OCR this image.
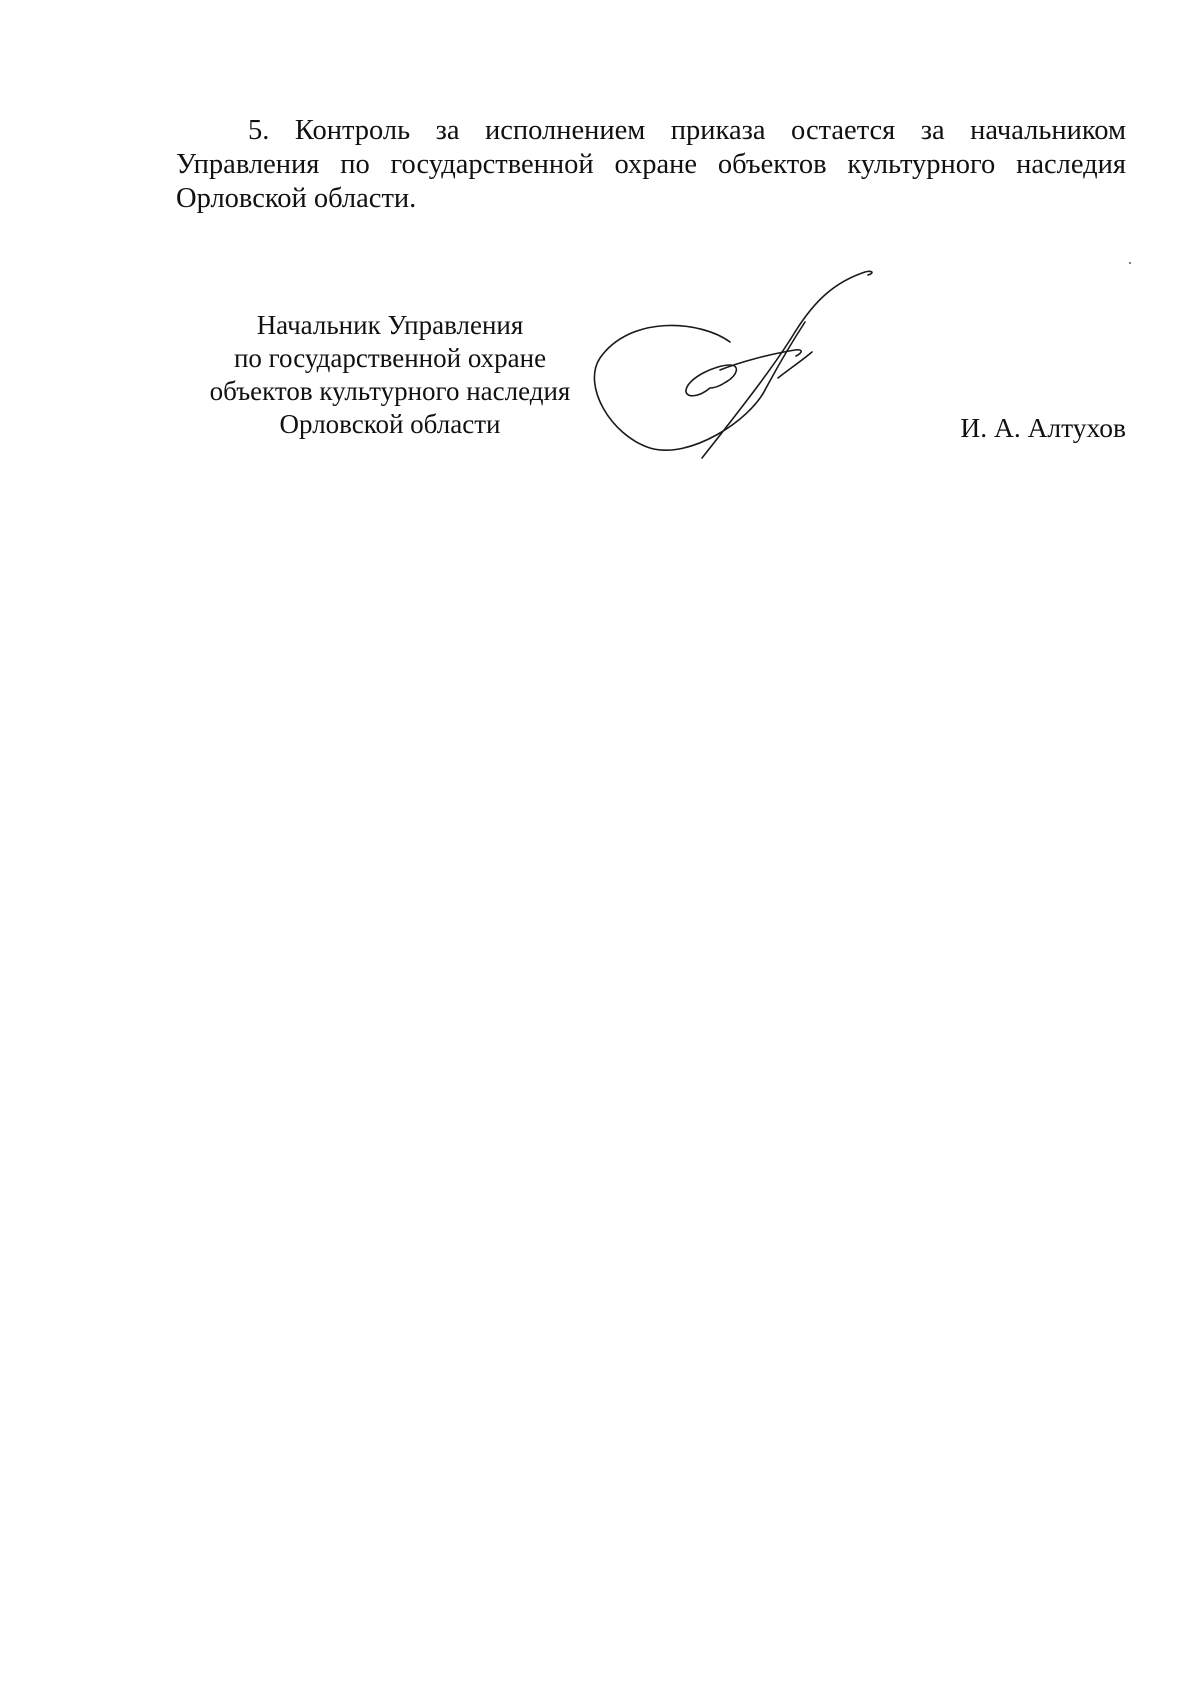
5. Контроль за исполнением приказа остается за начальником
Управления по государственной охране объектов культурного наследия
Орловской области.

Начальник Управления
по государственной охране
объектов культурного наследия
Орловской области	И. А. Алтухов
